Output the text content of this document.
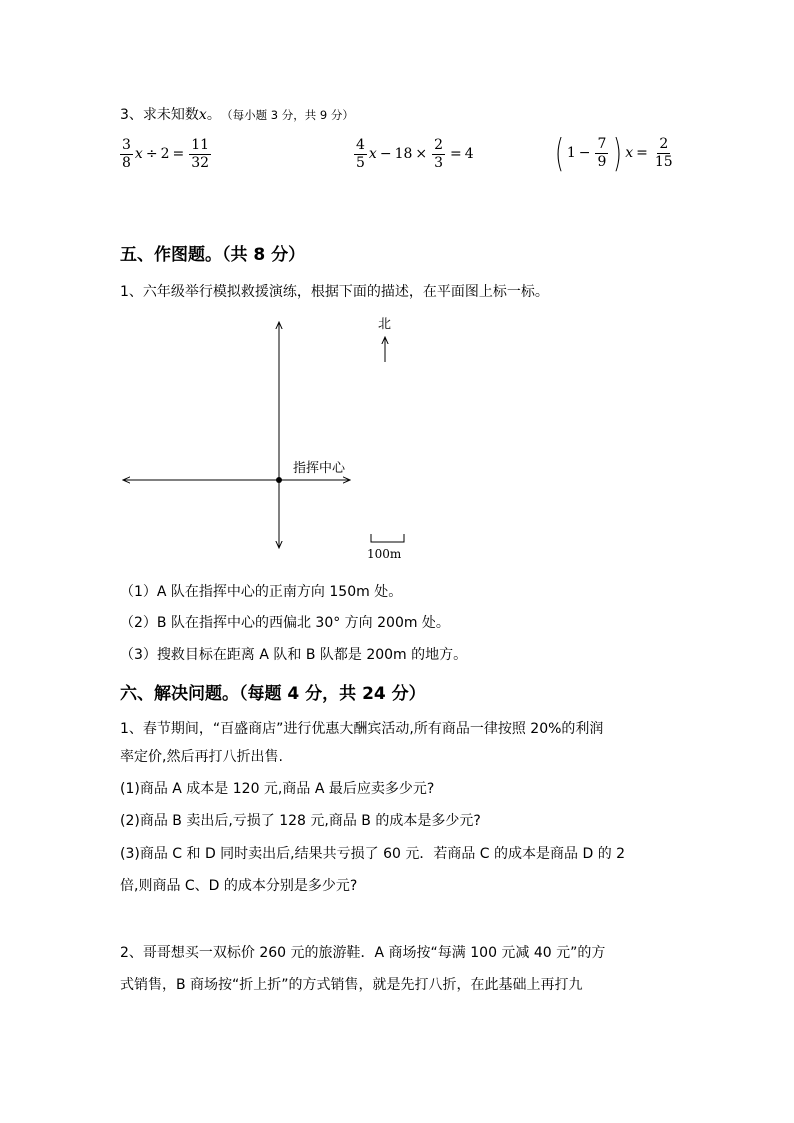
3、求未知数x。 （每小题 3 分，共 9 分）
$\frac{3}{8}$ $x \div 2 = \frac{11}{32}$	$\frac{4}{5}$ $x - 18 \times \frac{2}{3} = 4$ ( $1 - \frac{7}{9}$ ) $x = \frac{2}{15}$
五、作图题。（共 8 分）
1、六年级举行模拟救援演练，根据下面的描述，在平面图上标一标。
北
指挥中心
100m
（1）A 队在指挥中心的正南方向 150m 处。
（2）B 队在指挥中心的西偏北 30° 方向 200m 处。
（3）搜救目标在距离 A 队和 B 队都是 200m 的地方。
六、解决问题。（每题 4 分，共 24 分）
1、春节期间，“百盛商店”进行优惠大酬宾活动,所有商品一律按照 20%的利润
率定价,然后再打八折出售.
(1)商品 A 成本是 120 元,商品 A 最后应卖多少元?
(2)商品 B 卖出后,亏损了 128 元,商品 B 的成本是多少元?
(3)商品 C 和 D 同时卖出后,结果共亏损了 60 元．若商品 C 的成本是商品 D 的 2
倍,则商品 C、D 的成本分别是多少元?
2、哥哥想买一双标价 260 元的旅游鞋．A 商场按“每满 100 元减 40 元”的方
式销售，B 商场按“折上折”的方式销售，就是先打八折，在此基础上再打九
